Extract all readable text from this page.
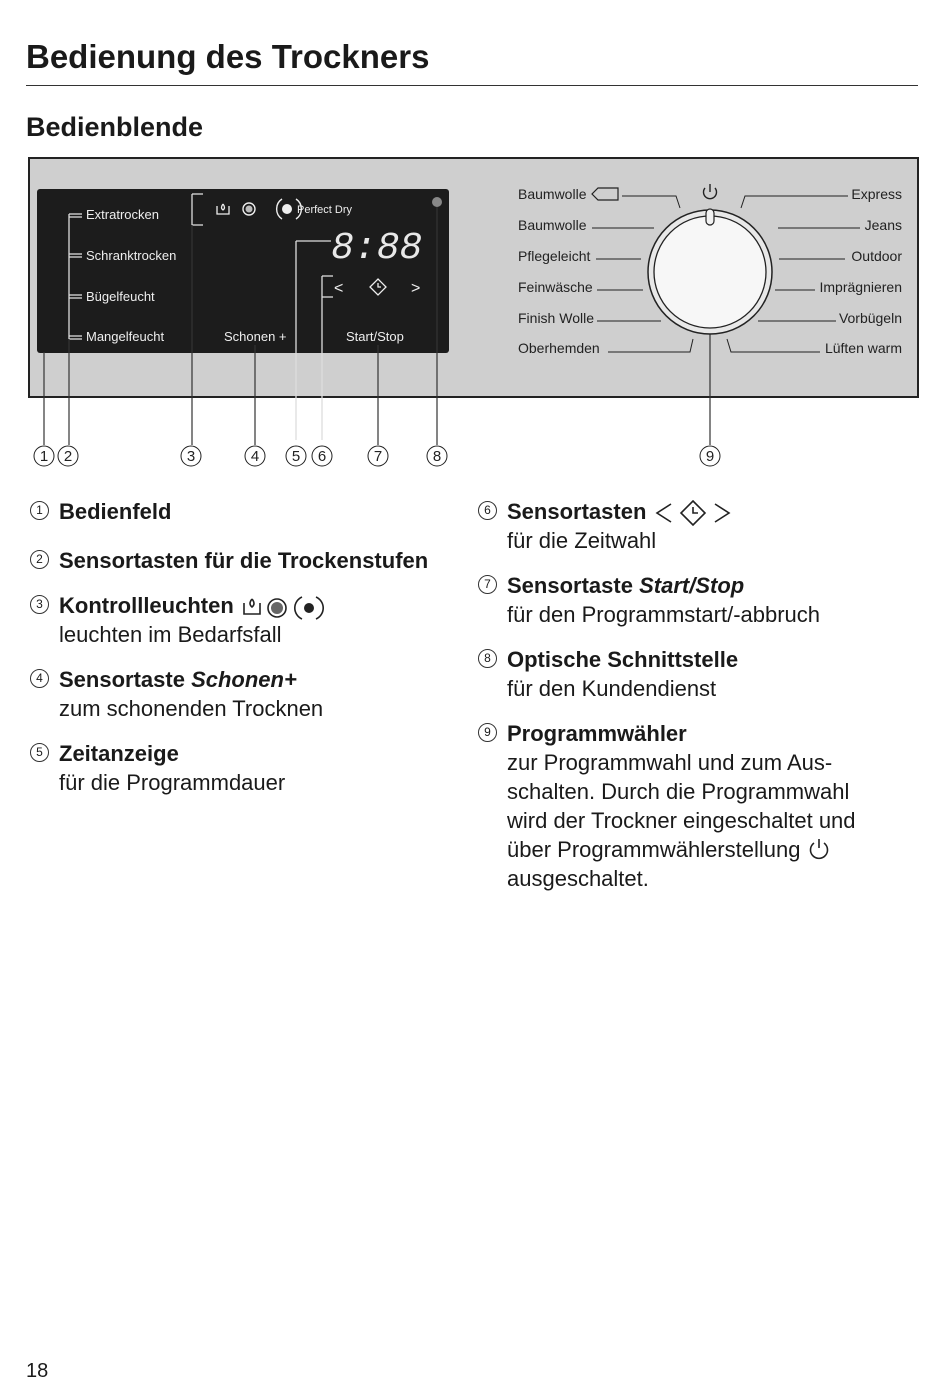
Bedienung des Trockners
Bedienblende
Extratrocken
Schranktrocken
Bügelfeucht
Mangelfeucht
Perfect Dry
8:88
<	>
Schonen +	Start/Stop
Baumwolle
Baumwolle
Pflegeleicht
Feinwäsche
Finish Wolle
Oberhemden
Express
Jeans
Outdoor
Imprägnieren
Vorbügeln
Lüften warm
1 2	3	4 5 6	7	8	9
1 Bedienfeld
2 Sensortasten für die Trockenstufen
3 Kontrollleuchten
leuchten im Bedarfsfall
4 Sensortaste Schonen+
zum schonenden Trocknen
5 Zeitanzeige
für die Programmdauer
6 Sensortasten
für die Zeitwahl
7 Sensortaste Start/Stop
für den Programmstart/-abbruch
8 Optische Schnittstelle
für den Kundendienst
9 Programmwähler
zur Programmwahl und zum Aus-
schalten. Durch die Programmwahl
wird der Trockner eingeschaltet und
über Programmwählerstellung
ausgeschaltet.
18
